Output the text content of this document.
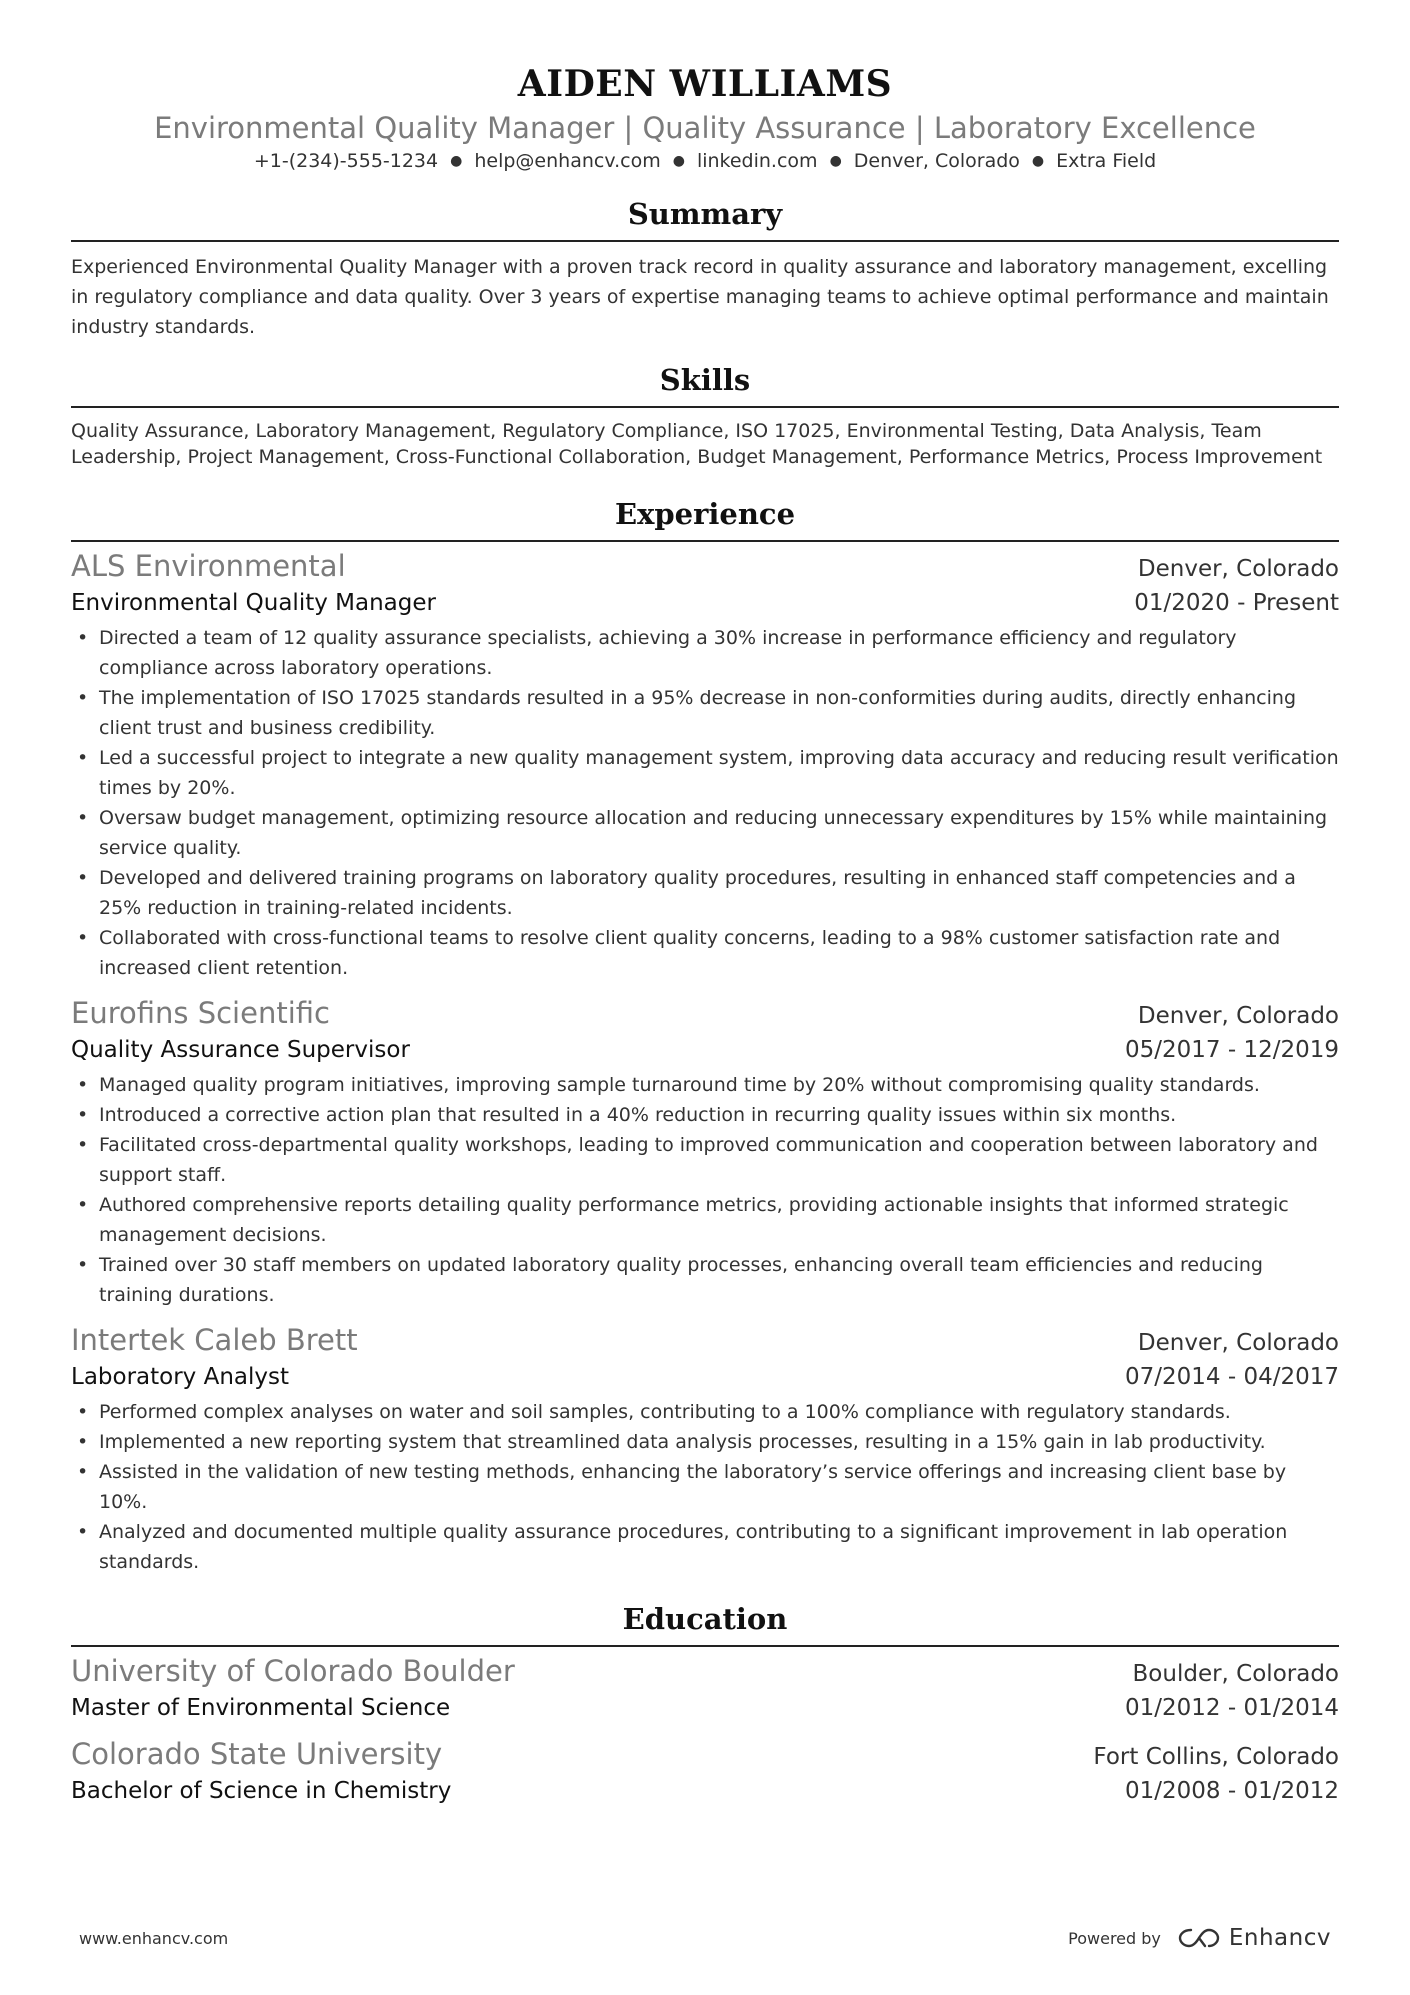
AIDEN WILLIAMS
Environmental Quality Manager | Quality Assurance | Laboratory Excellence
+1-(234)-555-1234 ● help@enhancv.com ● linkedin.com ● Denver, Colorado ● Extra Field
Summary
Experienced Environmental Quality Manager with a proven track record in quality assurance and laboratory management, excelling in regulatory compliance and data quality. Over 3 years of expertise managing teams to achieve optimal performance and maintain industry standards.
Skills
Quality Assurance, Laboratory Management, Regulatory Compliance, ISO 17025, Environmental Testing, Data Analysis, Team Leadership, Project Management, Cross-Functional Collaboration, Budget Management, Performance Metrics, Process Improvement
Experience
ALS Environmental	Denver, Colorado
Environmental Quality Manager	01/2020 - Present
• Directed a team of 12 quality assurance specialists, achieving a 30% increase in performance efficiency and regulatory compliance across laboratory operations.
• The implementation of ISO 17025 standards resulted in a 95% decrease in non-conformities during audits, directly enhancing client trust and business credibility.
• Led a successful project to integrate a new quality management system, improving data accuracy and reducing result verification times by 20%.
• Oversaw budget management, optimizing resource allocation and reducing unnecessary expenditures by 15% while maintaining service quality.
• Developed and delivered training programs on laboratory quality procedures, resulting in enhanced staff competencies and a 25% reduction in training-related incidents.
• Collaborated with cross-functional teams to resolve client quality concerns, leading to a 98% customer satisfaction rate and increased client retention.
Eurofins Scientific	Denver, Colorado
Quality Assurance Supervisor	05/2017 - 12/2019
• Managed quality program initiatives, improving sample turnaround time by 20% without compromising quality standards.
• Introduced a corrective action plan that resulted in a 40% reduction in recurring quality issues within six months.
• Facilitated cross-departmental quality workshops, leading to improved communication and cooperation between laboratory and support staff.
• Authored comprehensive reports detailing quality performance metrics, providing actionable insights that informed strategic management decisions.
• Trained over 30 staff members on updated laboratory quality processes, enhancing overall team efficiencies and reducing training durations.
Intertek Caleb Brett	Denver, Colorado
Laboratory Analyst	07/2014 - 04/2017
• Performed complex analyses on water and soil samples, contributing to a 100% compliance with regulatory standards.
• Implemented a new reporting system that streamlined data analysis processes, resulting in a 15% gain in lab productivity.
• Assisted in the validation of new testing methods, enhancing the laboratory’s service offerings and increasing client base by 10%.
• Analyzed and documented multiple quality assurance procedures, contributing to a significant improvement in lab operation standards.
Education
University of Colorado Boulder	Boulder, Colorado
Master of Environmental Science	01/2012 - 01/2014
Colorado State University	Fort Collins, Colorado
Bachelor of Science in Chemistry	01/2008 - 01/2012
www.enhancv.com	Powered by	Enhancv
